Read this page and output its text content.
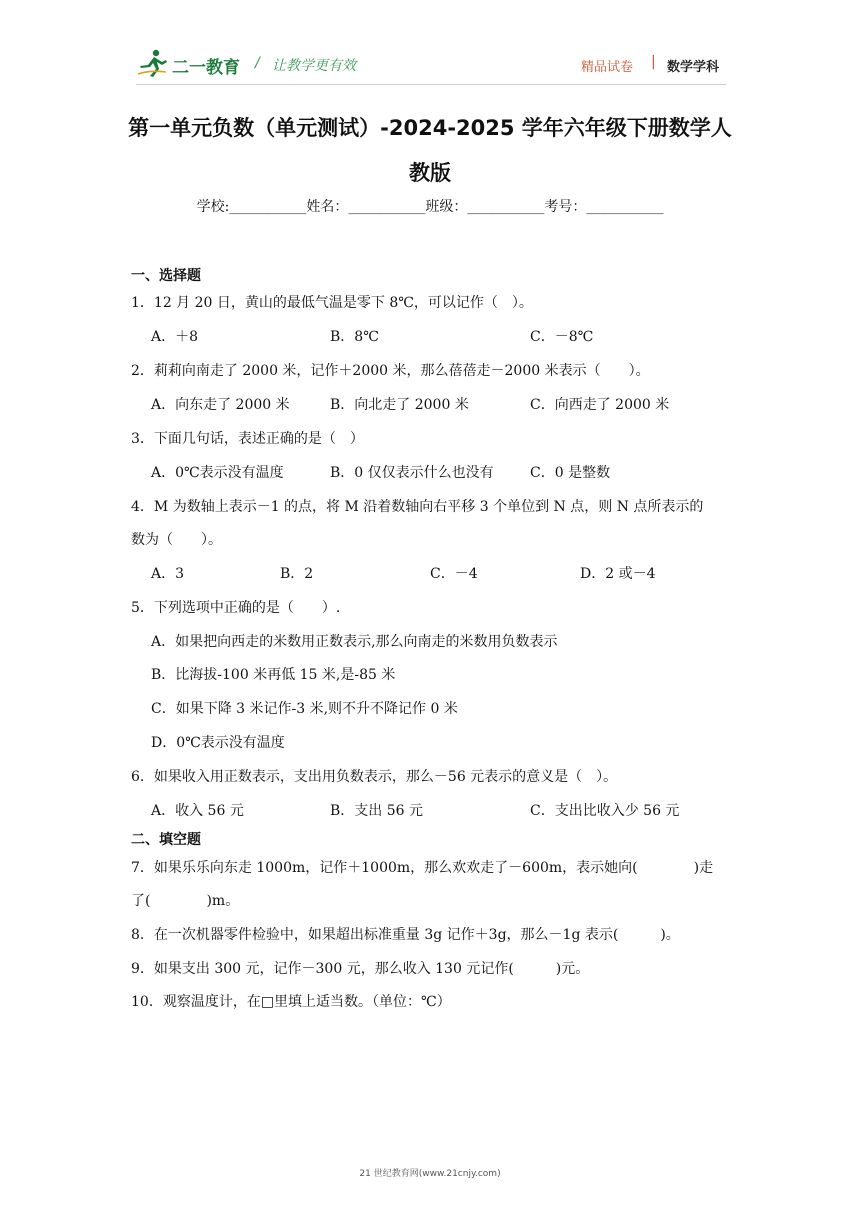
二一教育 / 让教学更有效	精品试卷 | 数学学科
第一单元负数（单元测试）-2024-2025 学年六年级下册数学人
教版
学校:___________姓名：___________班级：___________考号：___________
一、选择题
1．12 月 20 日，黄山的最低气温是零下 8℃，可以记作（　）。
A．＋8	B．8℃	C．－8℃
2．莉莉向南走了 2000 米，记作＋2000 米，那么蓓蓓走－2000 米表示（　　）。
A．向东走了 2000 米	B．向北走了 2000 米	C．向西走了 2000 米
3．下面几句话，表述正确的是（　）
A．0℃表示没有温度	B．0 仅仅表示什么也没有	C．0 是整数
4．M 为数轴上表示－1 的点，将 M 沿着数轴向右平移 3 个单位到 N 点，则 N 点所表示的
数为（　　）。
A．3	B．2	C．－4	D．2 或－4
5．下列选项中正确的是（　　）.
A．如果把向西走的米数用正数表示,那么向南走的米数用负数表示
B．比海拔-100 米再低 15 米,是-85 米
C．如果下降 3 米记作-3 米,则不升不降记作 0 米
D．0℃表示没有温度
6．如果收入用正数表示，支出用负数表示，那么－56 元表示的意义是（　）。
A．收入 56 元	B．支出 56 元	C．支出比收入少 56 元
二、填空题
7．如果乐乐向东走 1000m，记作＋1000m，那么欢欢走了－600m，表示她向(　　　　)走
了(　　　　)m。
8．在一次机器零件检验中，如果超出标准重量 3g 记作＋3g，那么－1g 表示(　　　)。
9．如果支出 300 元，记作－300 元，那么收入 130 元记作(　　　)元。
10．观察温度计，在□里填上适当数。（单位：℃）
21 世纪教育网(www.21cnjy.com)
